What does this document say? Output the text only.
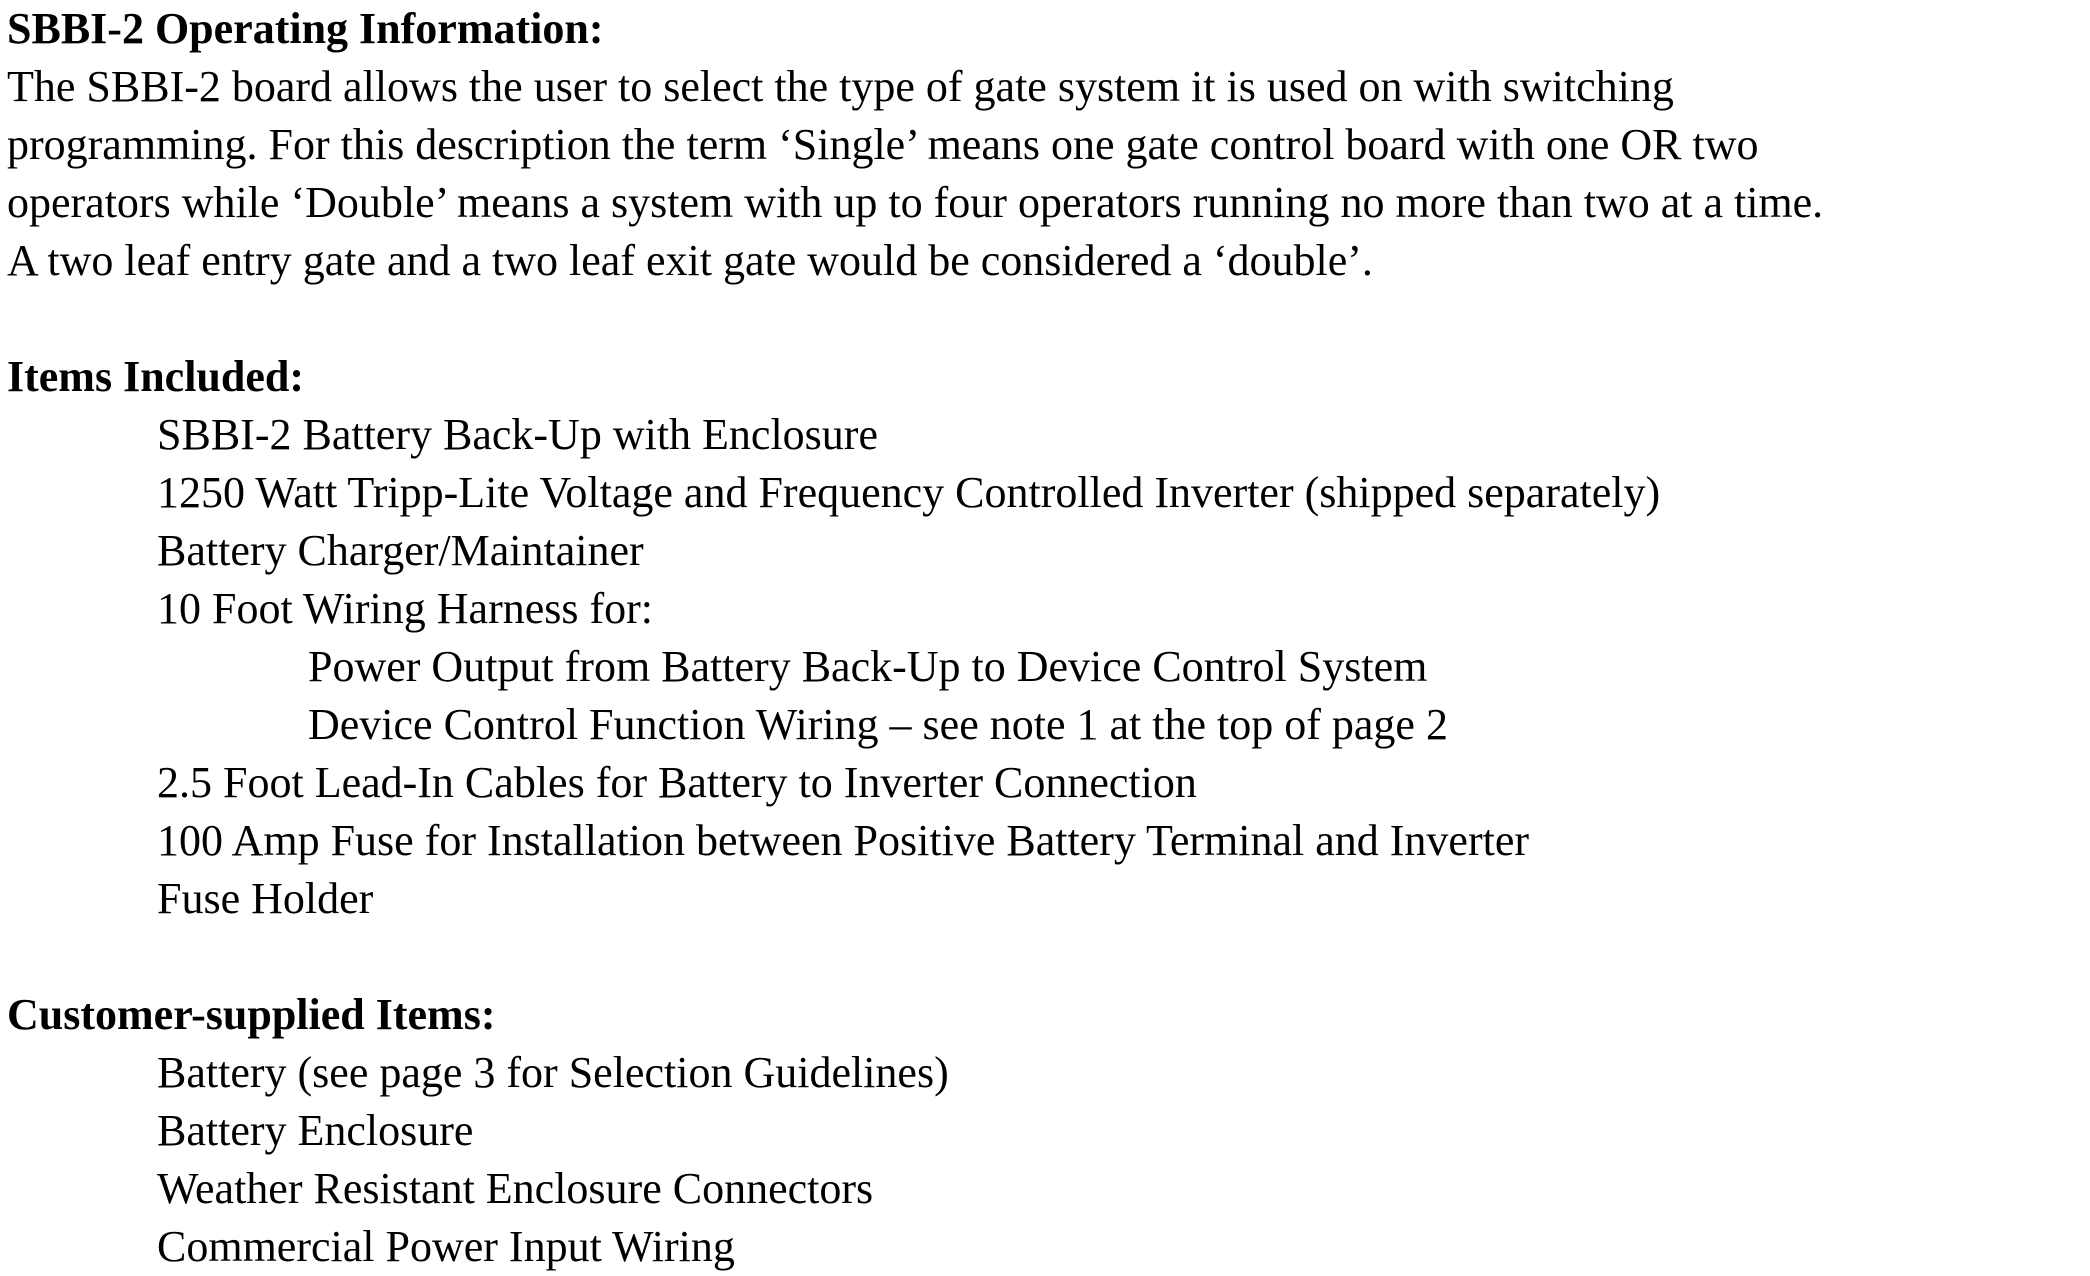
SBBI-2 Operating Information:

The SBBI-2 board allows the user to select the type of gate system it is used on with switching

programming. For this description the term ‘Single’ means one gate control board with one OR two

operators while ‘Double’ means a system with up to four operators running no more than two at a time.

A two leaf entry gate and a two leaf exit gate would be considered a ‘double’.

Items Included:

SBBI-2 Battery Back-Up with Enclosure

1250 Watt Tripp-Lite Voltage and Frequency Controlled Inverter (shipped separately)

Battery Charger/Maintainer

10 Foot Wiring Harness for:

Power Output from Battery Back-Up to Device Control System

Device Control Function Wiring – see note 1 at the top of page 2

2.5 Foot Lead-In Cables for Battery to Inverter Connection

100 Amp Fuse for Installation between Positive Battery Terminal and Inverter

Fuse Holder

Customer-supplied Items:

Battery (see page 3 for Selection Guidelines)

Battery Enclosure

Weather Resistant Enclosure Connectors

Commercial Power Input Wiring
